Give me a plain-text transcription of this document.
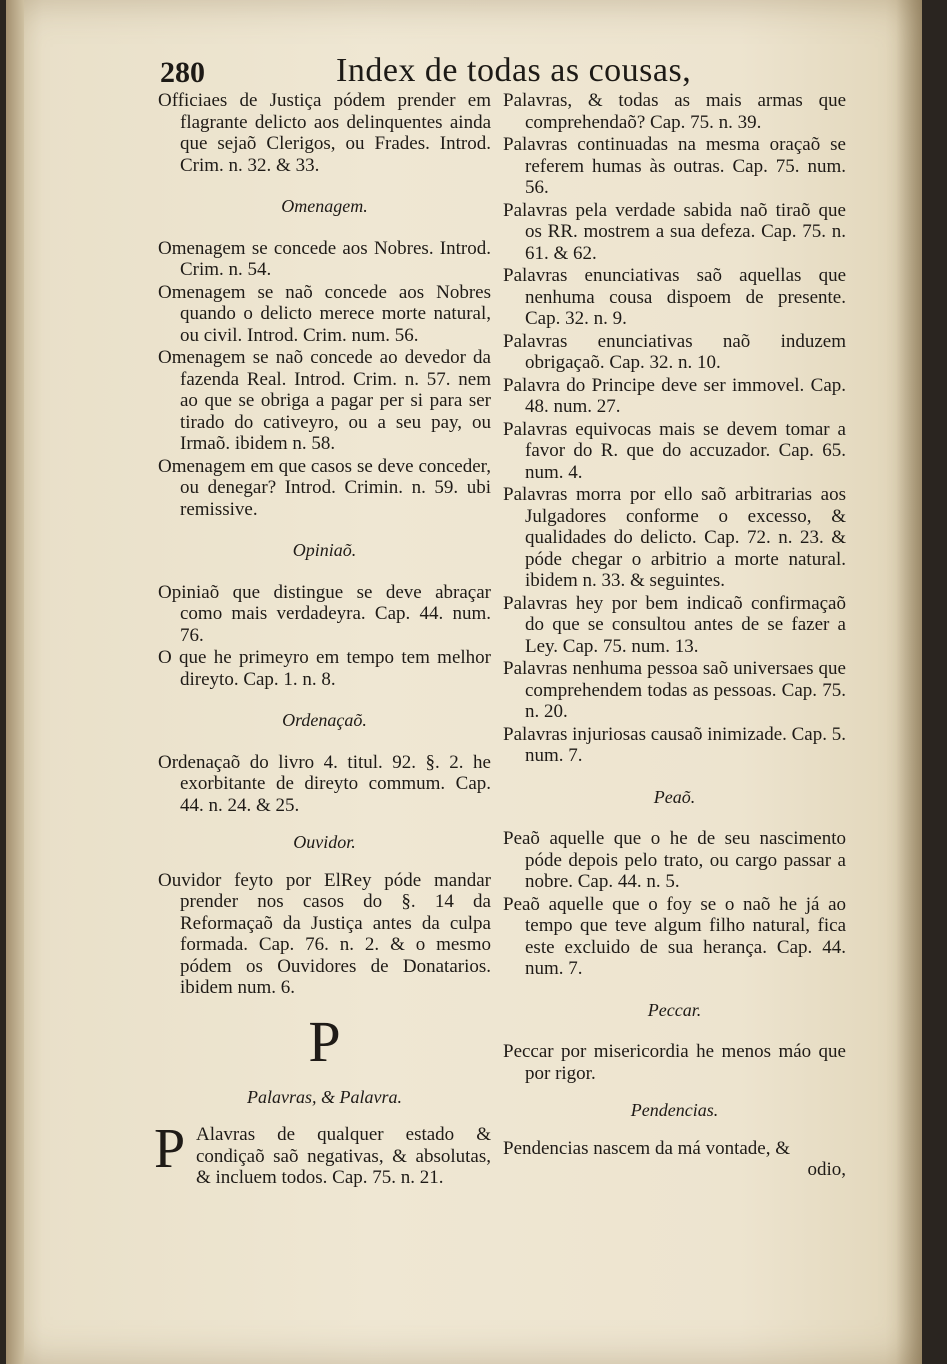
280	Index de todas as cousas,

Officiaes de Justiça pódem prender em flagrante delicto aos delinquentes ainda que sejaõ Clerigos, ou Frades. Introd. Crim. n. 32. & 33.

Omenagem.

Omenagem se concede aos Nobres. Introd. Crim. n. 54.

Omenagem se naõ concede aos Nobres quando o delicto merece morte natural, ou civil. Introd. Crim. num. 56.

Omenagem se naõ concede ao devedor da fazenda Real. Introd. Crim. n. 57. nem ao que se obriga a pagar per si para ser tirado do cativeyro, ou a seu pay, ou Irmaõ. ibidem n. 58.

Omenagem em que casos se deve conceder, ou denegar? Introd. Crimin. n. 59. ubi remissive.

Opiniaõ.

Opiniaõ que distingue se deve abraçar como mais verdadeyra. Cap. 44. num. 76.

O que he primeyro em tempo tem melhor direyto. Cap. 1. n. 8.

Ordenaçaõ.

Ordenaçaõ do livro 4. titul. 92. §. 2. he exorbitante de direyto commum. Cap. 44. n. 24. & 25.

Ouvidor.

Ouvidor feyto por ElRey póde mandar prender nos casos do §. 14 da Reformaçaõ da Justiça antes da culpa formada. Cap. 76. n. 2. & o mesmo pódem os Ouvidores de Donatarios. ibidem num. 6.

P
Palavras, & Palavra.

P Alavras de qualquer estado & condiçaõ saõ negativas, & absolutas, & incluem todos. Cap. 75. n. 21.

Palavras, & todas as mais armas que comprehendaõ? Cap. 75. n. 39.

Palavras continuadas na mesma oraçaõ se referem humas às outras. Cap. 75. num. 56.

Palavras pela verdade sabida naõ tiraõ que os RR. mostrem a sua defeza. Cap. 75. n. 61. & 62.

Palavras enunciativas saõ aquellas que nenhuma cousa dispoem de presente. Cap. 32. n. 9.

Palavras enunciativas naõ induzem obrigaçaõ. Cap. 32. n. 10.

Palavra do Principe deve ser immovel. Cap. 48. num. 27.

Palavras equivocas mais se devem tomar a favor do R. que do accuzador. Cap. 65. num. 4.

Palavras morra por ello saõ arbitrarias aos Julgadores conforme o excesso, & qualidades do delicto. Cap. 72. n. 23. & póde chegar o arbitrio a morte natural. ibidem n. 33. & seguintes.

Palavras hey por bem indicaõ confirmaçaõ do que se consultou antes de se fazer a Ley. Cap. 75. num. 13.

Palavras nenhuma pessoa saõ universaes que comprehendem todas as pessoas. Cap. 75. n. 20.

Palavras injuriosas causaõ inimizade. Cap. 5. num. 7.

Peaõ.

Peaõ aquelle que o he de seu nascimento póde depois pelo trato, ou cargo passar a nobre. Cap. 44. n. 5.

Peaõ aquelle que o foy se o naõ he já ao tempo que teve algum filho natural, fica este excluido de sua herança. Cap. 44. num. 7.

Peccar.

Peccar por misericordia he menos máo que por rigor.

Pendencias.

Pendencias nascem da má vontade, &

odio,
